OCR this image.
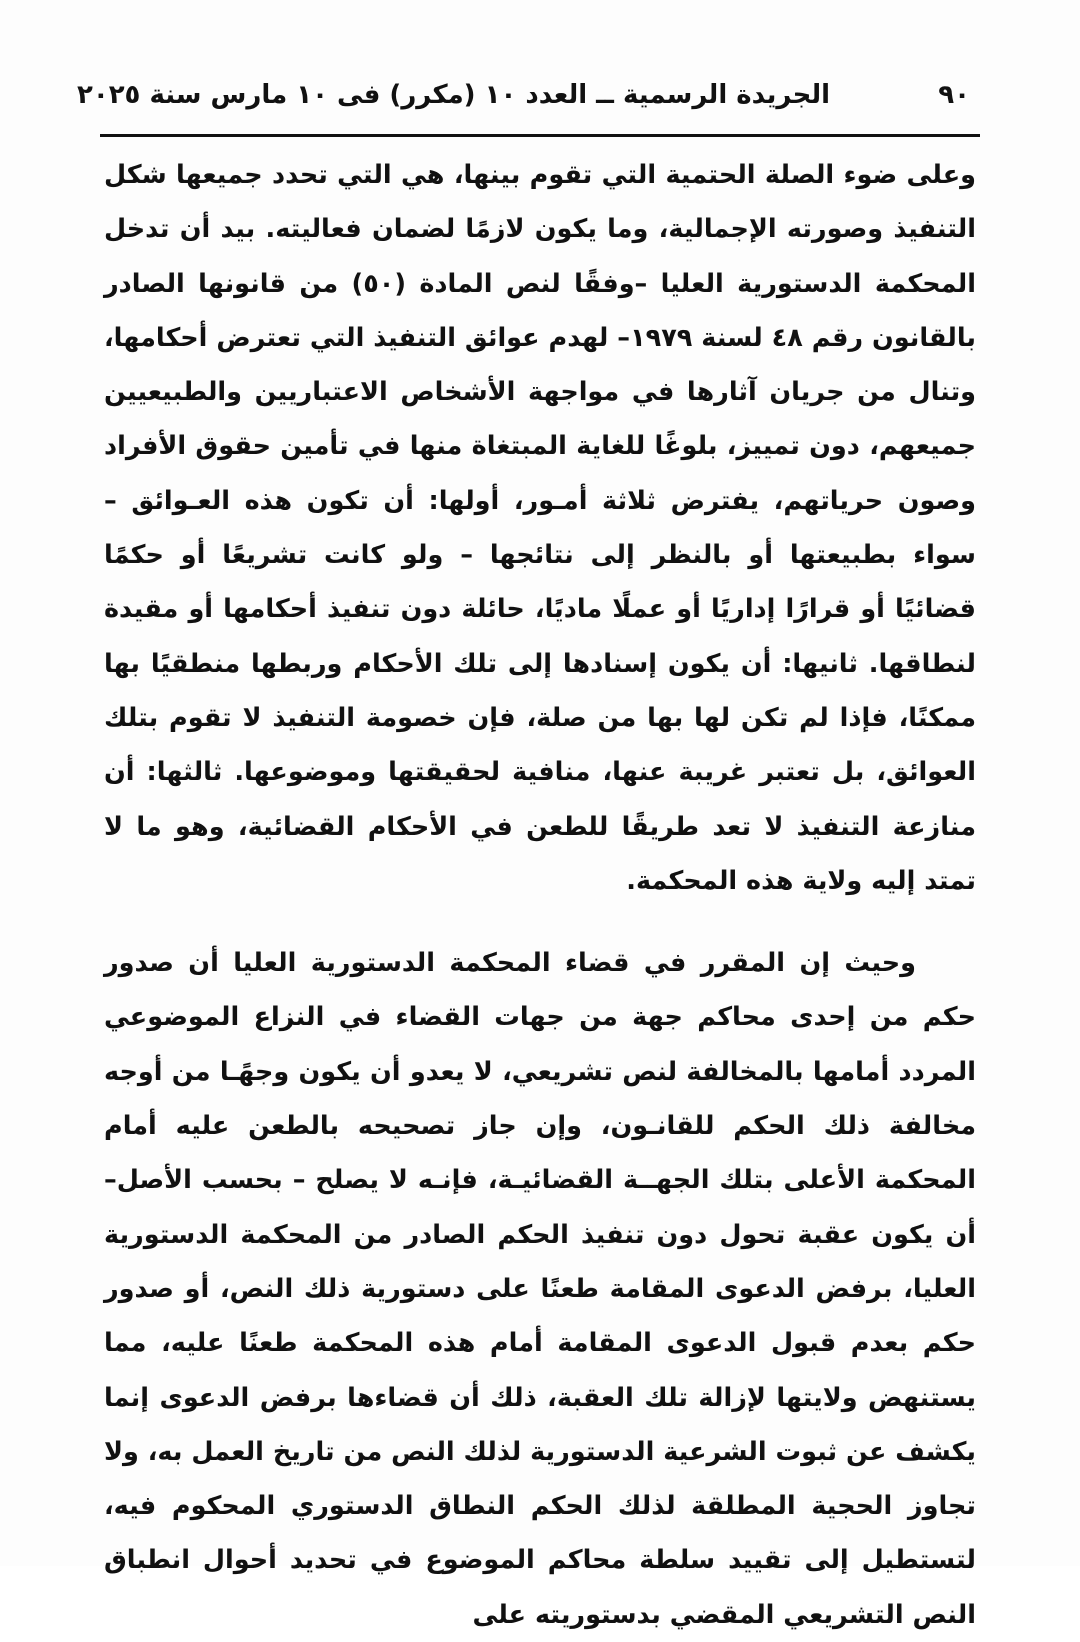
٩٠
الجريدة الرسمية ــ العدد ١٠ (مكرر) فى ١٠ مارس سنة ٢٠٢٥

وعلى ضوء الصلة الحتمية التي تقوم بينها، هي التي تحدد جميعها شكل التنفيذ وصورته الإجمالية، وما يكون لازمًا لضمان فعاليته. بيد أن تدخل المحكمة الدستورية العليا –وفقًا لنص المادة (٥٠) من قانونها الصادر بالقانون رقم ٤٨ لسنة ١٩٧٩– لهدم عوائق التنفيذ التي تعترض أحكامها، وتنال من جريان آثارها في مواجهة الأشخاص الاعتباريين والطبيعيين جميعهم، دون تمييز، بلوغًا للغاية المبتغاة منها في تأمين حقوق الأفراد وصون حرياتهم، يفترض ثلاثة أمـور، أولها: أن تكون هذه العـوائق – سواء بطبيعتها أو بالنظر إلى نتائجها – ولو كانت تشريعًا أو حكمًا قضائيًا أو قرارًا إداريًا أو عملًا ماديًا، حائلة دون تنفيذ أحكامها أو مقيدة لنطاقها. ثانيها: أن يكون إسنادها إلى تلك الأحكام وربطها منطقيًا بها ممكنًا، فإذا لم تكن لها بها من صلة، فإن خصومة التنفيذ لا تقوم بتلك العوائق، بل تعتبر غريبة عنها، منافية لحقيقتها وموضوعها. ثالثها: أن منازعة التنفيذ لا تعد طريقًا للطعن في الأحكام القضائية، وهو ما لا تمتد إليه ولاية هذه المحكمة.

وحيث إن المقرر في قضاء المحكمة الدستورية العليا أن صدور حكم من إحدى محاكم جهة من جهات القضاء في النزاع الموضوعي المردد أمامها بالمخالفة لنص تشريعي، لا يعدو أن يكون وجهًـا من أوجه مخالفة ذلك الحكم للقانـون، وإن جاز تصحيحه بالطعن عليه أمام المحكمة الأعلى بتلك الجهــة القضائيـة، فإنـه لا يصلح – بحسب الأصل– أن يكون عقبة تحول دون تنفيذ الحكم الصادر من المحكمة الدستورية العليا، برفض الدعوى المقامة طعنًا على دستورية ذلك النص، أو صدور حكم بعدم قبول الدعوى المقامة أمام هذه المحكمة طعنًا عليه، مما يستنهض ولايتها لإزالة تلك العقبة، ذلك أن قضاءها برفض الدعوى إنما يكشف عن ثبوت الشرعية الدستورية لذلك النص من تاريخ العمل به، ولا تجاوز الحجية المطلقة لذلك الحكم النطاق الدستوري المحكوم فيه، لتستطيل إلى تقييد سلطة محاكم الموضوع في تحديد أحوال انطباق النص التشريعي المقضي بدستوريته على
